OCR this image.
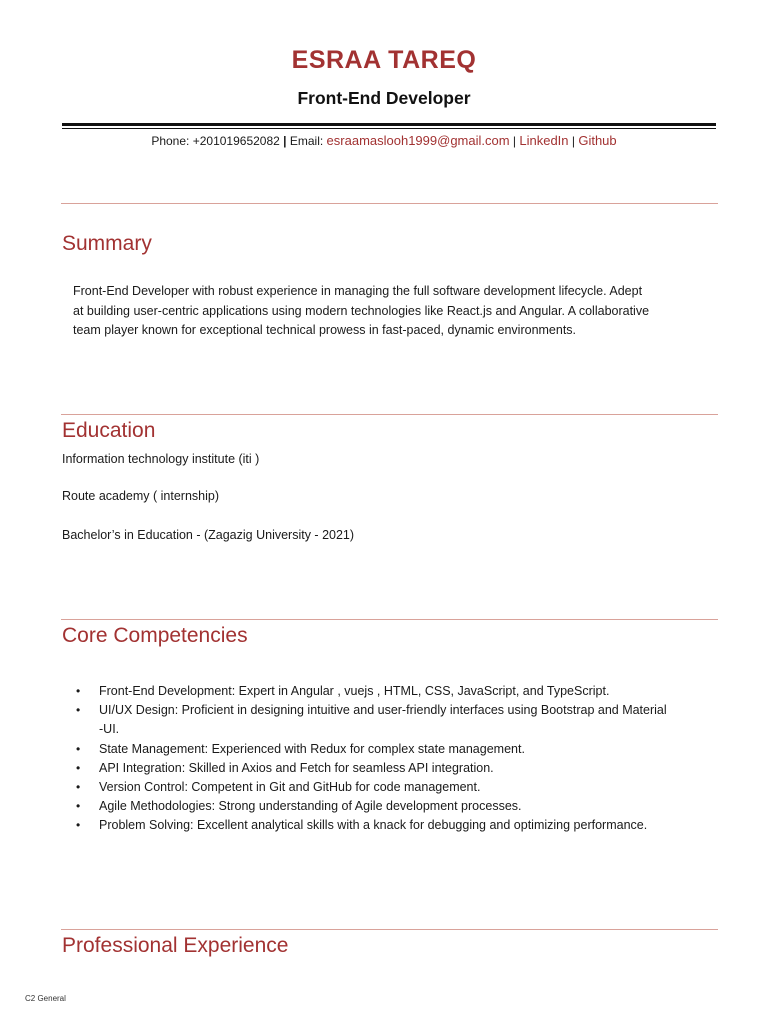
ESRAA TAREQ
Front-End Developer
Phone: +201019652082 | Email: esraamaslooh1999@gmail.com | LinkedIn | Github
Summary
Front-End Developer with robust experience in managing the full software development lifecycle. Adept
at building user-centric applications using modern technologies like React.js and Angular. A collaborative
team player known for exceptional technical prowess in fast-paced, dynamic environments.
Education
Information technology institute (iti )
Route academy ( internship)
Bachelor’s in Education - (Zagazig University - 2021)
Core Competencies
• Front-End Development: Expert in Angular , vuejs , HTML, CSS, JavaScript, and TypeScript.
• UI/UX Design: Proficient in designing intuitive and user-friendly interfaces using Bootstrap and Material
-UI.
• State Management: Experienced with Redux for complex state management.
• API Integration: Skilled in Axios and Fetch for seamless API integration.
• Version Control: Competent in Git and GitHub for code management.
• Agile Methodologies: Strong understanding of Agile development processes.
• Problem Solving: Excellent analytical skills with a knack for debugging and optimizing performance.
Professional Experience
C2 General
